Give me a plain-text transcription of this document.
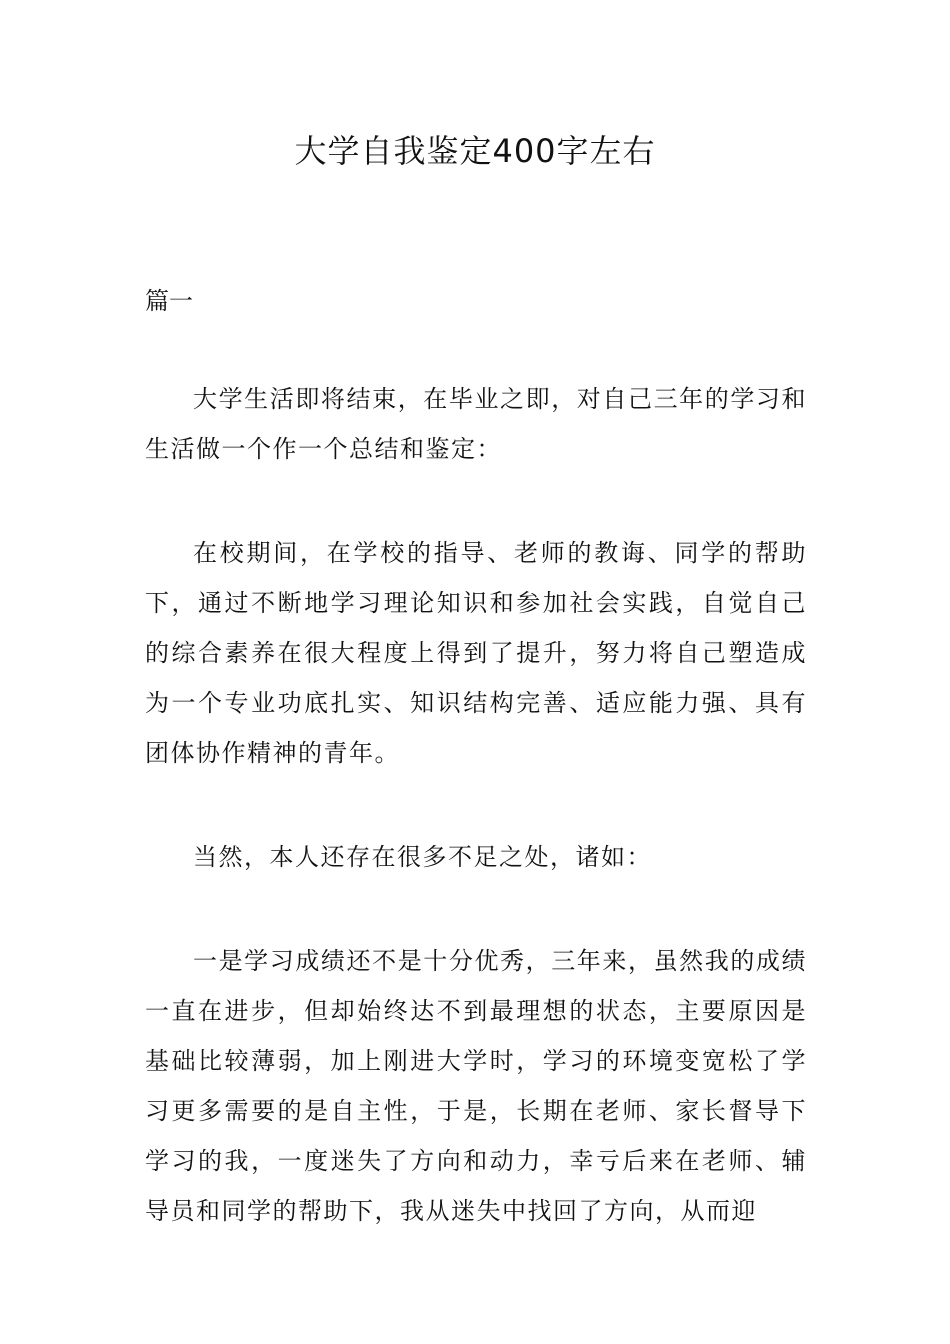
大学自我鉴定400字左右

篇一

大学生活即将结束，在毕业之即，对自己三年的学习和生活做一个作一个总结和鉴定：

在校期间，在学校的指导、老师的教诲、同学的帮助下，通过不断地学习理论知识和参加社会实践，自觉自己的综合素养在很大程度上得到了提升，努力将自己塑造成为一个专业功底扎实、知识结构完善、适应能力强、具有团体协作精神的青年。

当然，本人还存在很多不足之处，诸如：

一是学习成绩还不是十分优秀，三年来，虽然我的成绩一直在进步，但却始终达不到最理想的状态，主要原因是基础比较薄弱，加上刚进大学时，学习的环境变宽松了学习更多需要的是自主性，于是，长期在老师、家长督导下学习的我，一度迷失了方向和动力，幸亏后来在老师、辅导员和同学的帮助下，我从迷失中找回了方向，从而迎
